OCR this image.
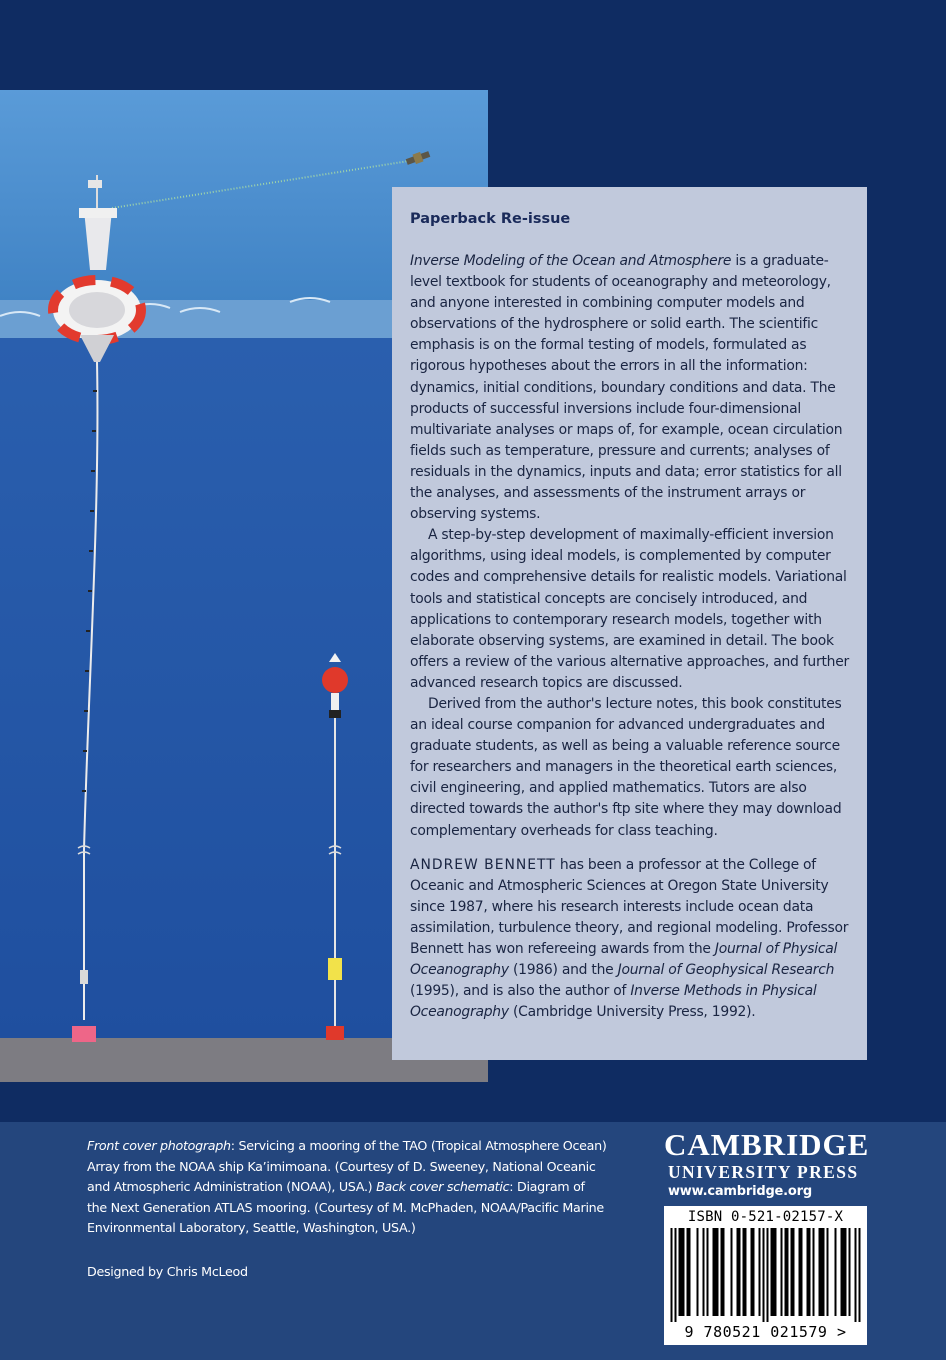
Paperback Re-issue

Inverse Modeling of the Ocean and Atmosphere is a graduate-level textbook for students of oceanography and meteorology, and anyone interested in combining computer models and observations of the hydrosphere or solid earth. The scientific emphasis is on the formal testing of models, formulated as rigorous hypotheses about the errors in all the information: dynamics, initial conditions, boundary conditions and data. The products of successful inversions include four-dimensional multivariate analyses or maps of, for example, ocean circulation fields such as temperature, pressure and currents; analyses of residuals in the dynamics, inputs and data; error statistics for all the analyses, and assessments of the instrument arrays or observing systems.

A step-by-step development of maximally-efficient inversion algorithms, using ideal models, is complemented by computer codes and comprehensive details for realistic models. Variational tools and statistical concepts are concisely introduced, and applications to contemporary research models, together with elaborate observing systems, are examined in detail. The book offers a review of the various alternative approaches, and further advanced research topics are discussed.

Derived from the author's lecture notes, this book constitutes an ideal course companion for advanced undergraduates and graduate students, as well as being a valuable reference source for researchers and managers in the theoretical earth sciences, civil engineering, and applied mathematics. Tutors are also directed towards the author's ftp site where they may download complementary overheads for class teaching.

ANDREW BENNETT has been a professor at the College of Oceanic and Atmospheric Sciences at Oregon State University since 1987, where his research interests include ocean data assimilation, turbulence theory, and regional modeling. Professor Bennett has won refereeing awards from the Journal of Physical Oceanography (1986) and the Journal of Geophysical Research (1995), and is also the author of Inverse Methods in Physical Oceanography (Cambridge University Press, 1992).

Front cover photograph: Servicing a mooring of the TAO (Tropical Atmosphere Ocean) Array from the NOAA ship Ka’imimoana. (Courtesy of D. Sweeney, National Oceanic and Atmospheric Administration (NOAA), USA.) Back cover schematic: Diagram of the Next Generation ATLAS mooring. (Courtesy of M. McPhaden, NOAA/Pacific Marine Environmental Laboratory, Seattle, Washington, USA.)
Designed by Chris McLeod
CAMBRIDGE
UNIVERSITY PRESS
www.cambridge.org
ISBN 0-521-02157-X
9 780521 021579 >
